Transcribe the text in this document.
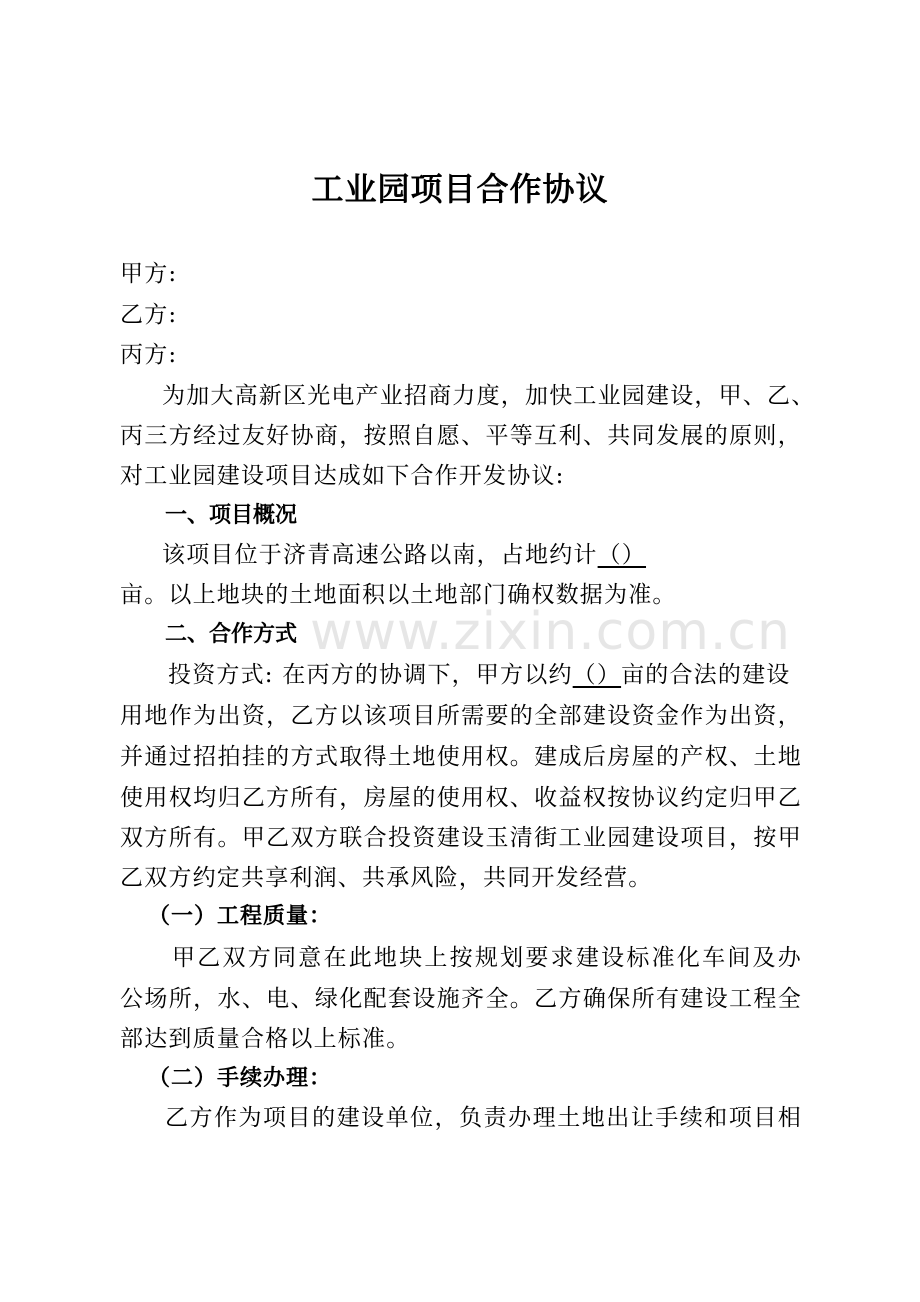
www.zixin.com.cn
工业园项目合作协议
甲方:
乙方:
丙方:
为加大高新区光电产业招商力度，加快工业园建设，甲、乙、
丙三方经过友好协商，按照自愿、平等互利、共同发展的原则，
对工业园建设项目达成如下合作开发协议:
一、项目概况
该项目位于济青高速公路以南，占地约计（）
亩。以上地块的土地面积以土地部门确权数据为准。
二、合作方式
投资方式: 在丙方的协调下，甲方以约（）亩的合法的建设
用地作为出资，乙方以该项目所需要的全部建设资金作为出资，
并通过招拍挂的方式取得土地使用权。建成后房屋的产权、土地
使用权均归乙方所有，房屋的使用权、收益权按协议约定归甲乙
双方所有。甲乙双方联合投资建设玉清街工业园建设项目，按甲
乙双方约定共享利润、共承风险，共同开发经营。
（一）工程质量：
甲乙双方同意在此地块上按规划要求建设标准化车间及办
公场所，水、电、绿化配套设施齐全。乙方确保所有建设工程全
部达到质量合格以上标准。
（二）手续办理：
乙方作为项目的建设单位，负责办理土地出让手续和项目相
